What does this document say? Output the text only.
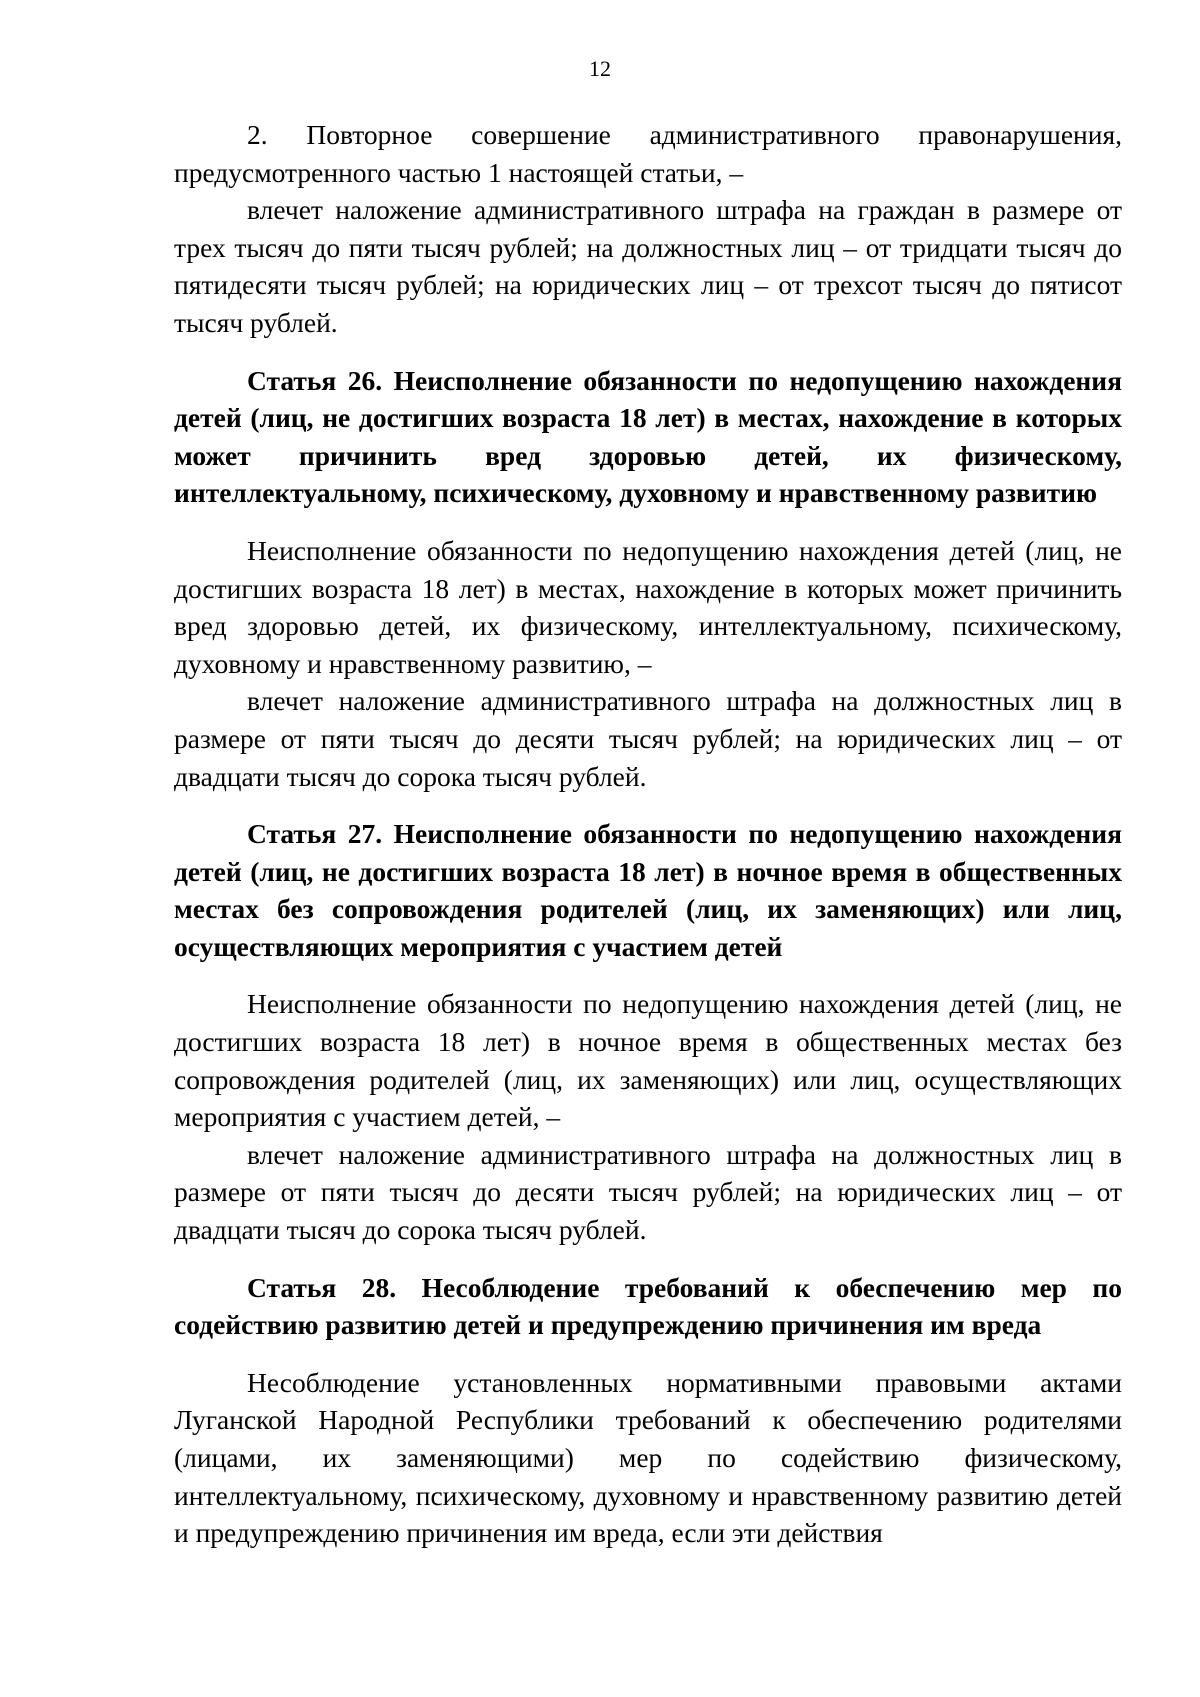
12

2. Повторное совершение административного правонарушения, предусмотренного частью 1 настоящей статьи, –

влечет наложение административного штрафа на граждан в размере от трех тысяч до пяти тысяч рублей; на должностных лиц – от тридцати тысяч до пятидесяти тысяч рублей; на юридических лиц – от трехсот тысяч до пятисот тысяч рублей.

Статья 26. Неисполнение обязанности по недопущению нахождения детей (лиц, не достигших возраста 18 лет) в местах, нахождение в которых может причинить вред здоровью детей, их физическому, интеллектуальному, психическому, духовному и нравственному развитию

Неисполнение обязанности по недопущению нахождения детей (лиц, не достигших возраста 18 лет) в местах, нахождение в которых может причинить вред здоровью детей, их физическому, интеллектуальному, психическому, духовному и нравственному развитию, –

влечет наложение административного штрафа на должностных лиц в размере от пяти тысяч до десяти тысяч рублей; на юридических лиц – от двадцати тысяч до сорока тысяч рублей.

Статья 27. Неисполнение обязанности по недопущению нахождения детей (лиц, не достигших возраста 18 лет) в ночное время в общественных местах без сопровождения родителей (лиц, их заменяющих) или лиц, осуществляющих мероприятия с участием детей

Неисполнение обязанности по недопущению нахождения детей (лиц, не достигших возраста 18 лет) в ночное время в общественных местах без сопровождения родителей (лиц, их заменяющих) или лиц, осуществляющих мероприятия с участием детей, –

влечет наложение административного штрафа на должностных лиц в размере от пяти тысяч до десяти тысяч рублей; на юридических лиц – от двадцати тысяч до сорока тысяч рублей.

Статья 28. Несоблюдение требований к обеспечению мер по содействию развитию детей и предупреждению причинения им вреда

Несоблюдение установленных нормативными правовыми актами Луганской Народной Республики требований к обеспечению родителями (лицами, их заменяющими) мер по содействию физическому, интеллектуальному, психическому, духовному и нравственному развитию детей и предупреждению причинения им вреда, если эти действия
